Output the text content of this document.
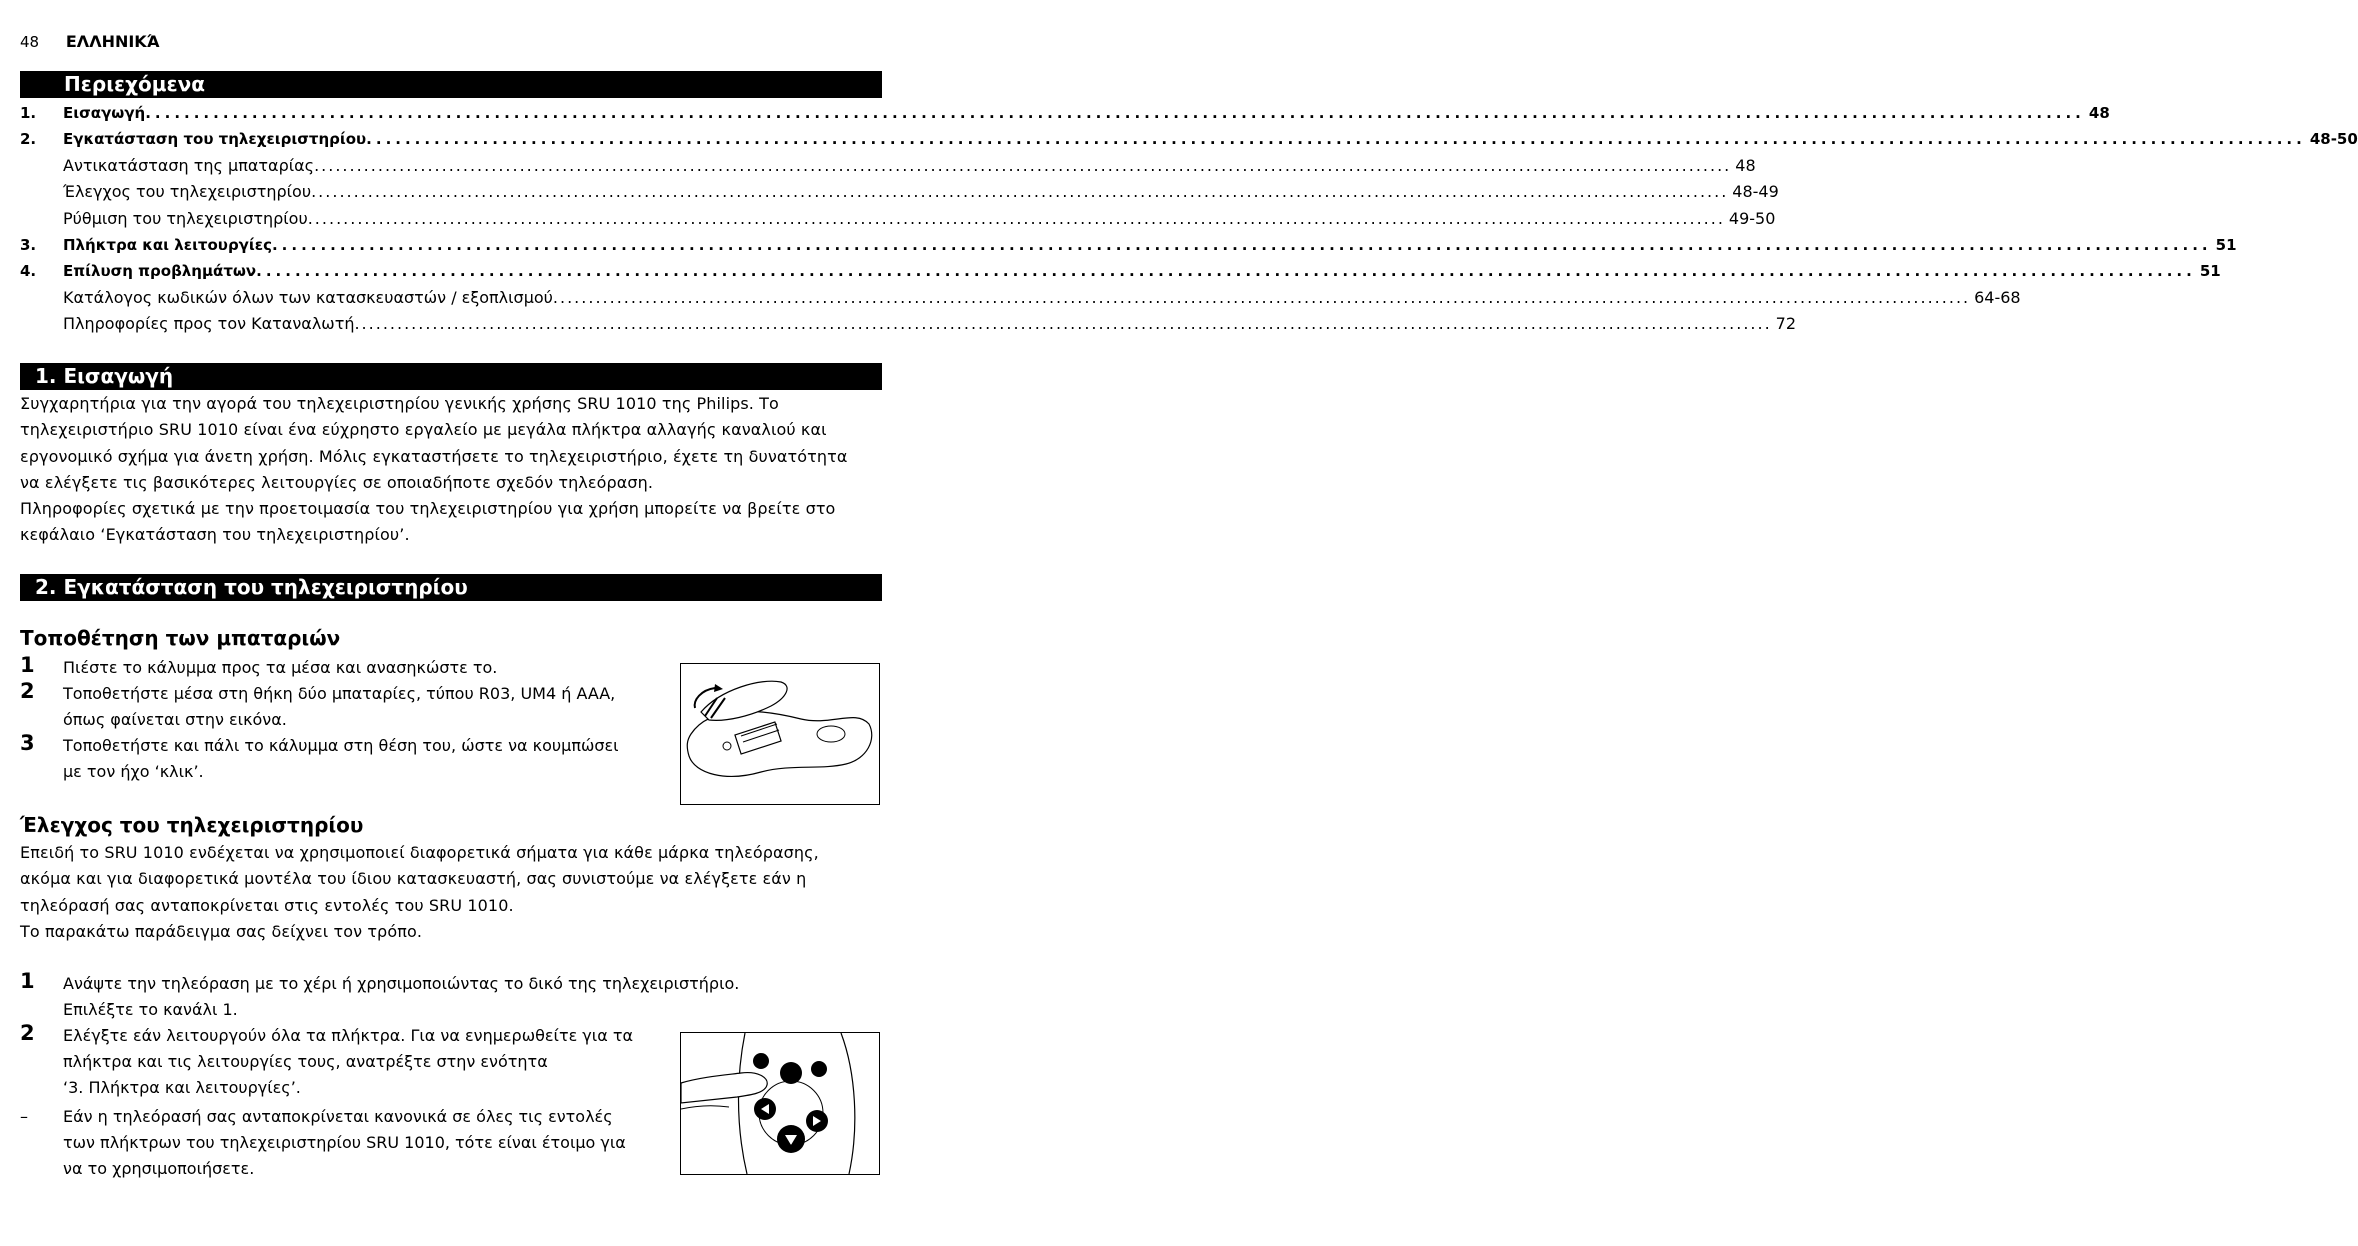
48 ΕΛΛΗΝΙΚΆ
Περιεχόμενα
1. Εισαγωγή ........................................................................................................................................................................................................ 48
2. Εγκατάσταση του τηλεχειριστηρίου ........................................................................................................................................................................................................ 48-50
Αντικατάσταση της μπαταρίας ........................................................................................................................................................................................................ 48
Έλεγχος του τηλεχειριστηρίου ........................................................................................................................................................................................................ 48-49
Ρύθμιση του τηλεχειριστηρίου ........................................................................................................................................................................................................ 49-50
3. Πλήκτρα και λειτουργίες ........................................................................................................................................................................................................ 51
4. Επίλυση προβλημάτων ........................................................................................................................................................................................................ 51
Κατάλογος κωδικών όλων των κατασκευαστών / εξοπλισμού ........................................................................................................................................................................................................ 64-68
Πληροφορίες προς τον Καταναλωτή ........................................................................................................................................................................................................ 72
1. Εισαγωγή

Συγχαρητήρια για την αγορά του τηλεχειριστηρίου γενικής χρήσης SRU 1010 της Philips. Το

τηλεχειριστήριο SRU 1010 είναι ένα εύχρηστο εργαλείο με μεγάλα πλήκτρα αλλαγής καναλιού και

εργονομικό σχήμα για άνετη χρήση. Μόλις εγκαταστήσετε το τηλεχειριστήριο, έχετε τη δυνατότητα

να ελέγξετε τις βασικότερες λειτουργίες σε οποιαδήποτε σχεδόν τηλεόραση.

Πληροφορίες σχετικά με την προετοιμασία του τηλεχειριστηρίου για χρήση μπορείτε να βρείτε στο

κεφάλαιο ‘Εγκατάσταση του τηλεχειριστηρίου’.

2. Εγκατάσταση του τηλεχειριστηρίου
Τοποθέτηση των μπαταριών
1 Πιέστε το κάλυμμα προς τα μέσα και ανασηκώστε το.
2 Τοποθετήστε μέσα στη θήκη δύο μπαταρίες, τύπου R03, UM4 ή AAA,
όπως φαίνεται στην εικόνα.
3 Τοποθετήστε και πάλι το κάλυμμα στη θέση του, ώστε να κουμπώσει
με τον ήχο ‘κλικ’.
Έλεγχος του τηλεχειριστηρίου

Επειδή το SRU 1010 ενδέχεται να χρησιμοποιεί διαφορετικά σήματα για κάθε μάρκα τηλεόρασης,

ακόμα και για διαφορετικά μοντέλα του ίδιου κατασκευαστή, σας συνιστούμε να ελέγξετε εάν η

τηλεόρασή σας ανταποκρίνεται στις εντολές του SRU 1010.

Το παρακάτω παράδειγμα σας δείχνει τον τρόπο.

1 Ανάψτε την τηλεόραση με το χέρι ή χρησιμοποιώντας το δικό της τηλεχειριστήριο.
Επιλέξτε το κανάλι 1.
2 Ελέγξτε εάν λειτουργούν όλα τα πλήκτρα. Για να ενημερωθείτε για τα
πλήκτρα και τις λειτουργίες τους, ανατρέξτε στην ενότητα
‘3. Πλήκτρα και λειτουργίες’.
– Εάν η τηλεόρασή σας ανταποκρίνεται κανονικά σε όλες τις εντολές
των πλήκτρων του τηλεχειριστηρίου SRU 1010, τότε είναι έτοιμο για
να το χρησιμοποιήσετε.
